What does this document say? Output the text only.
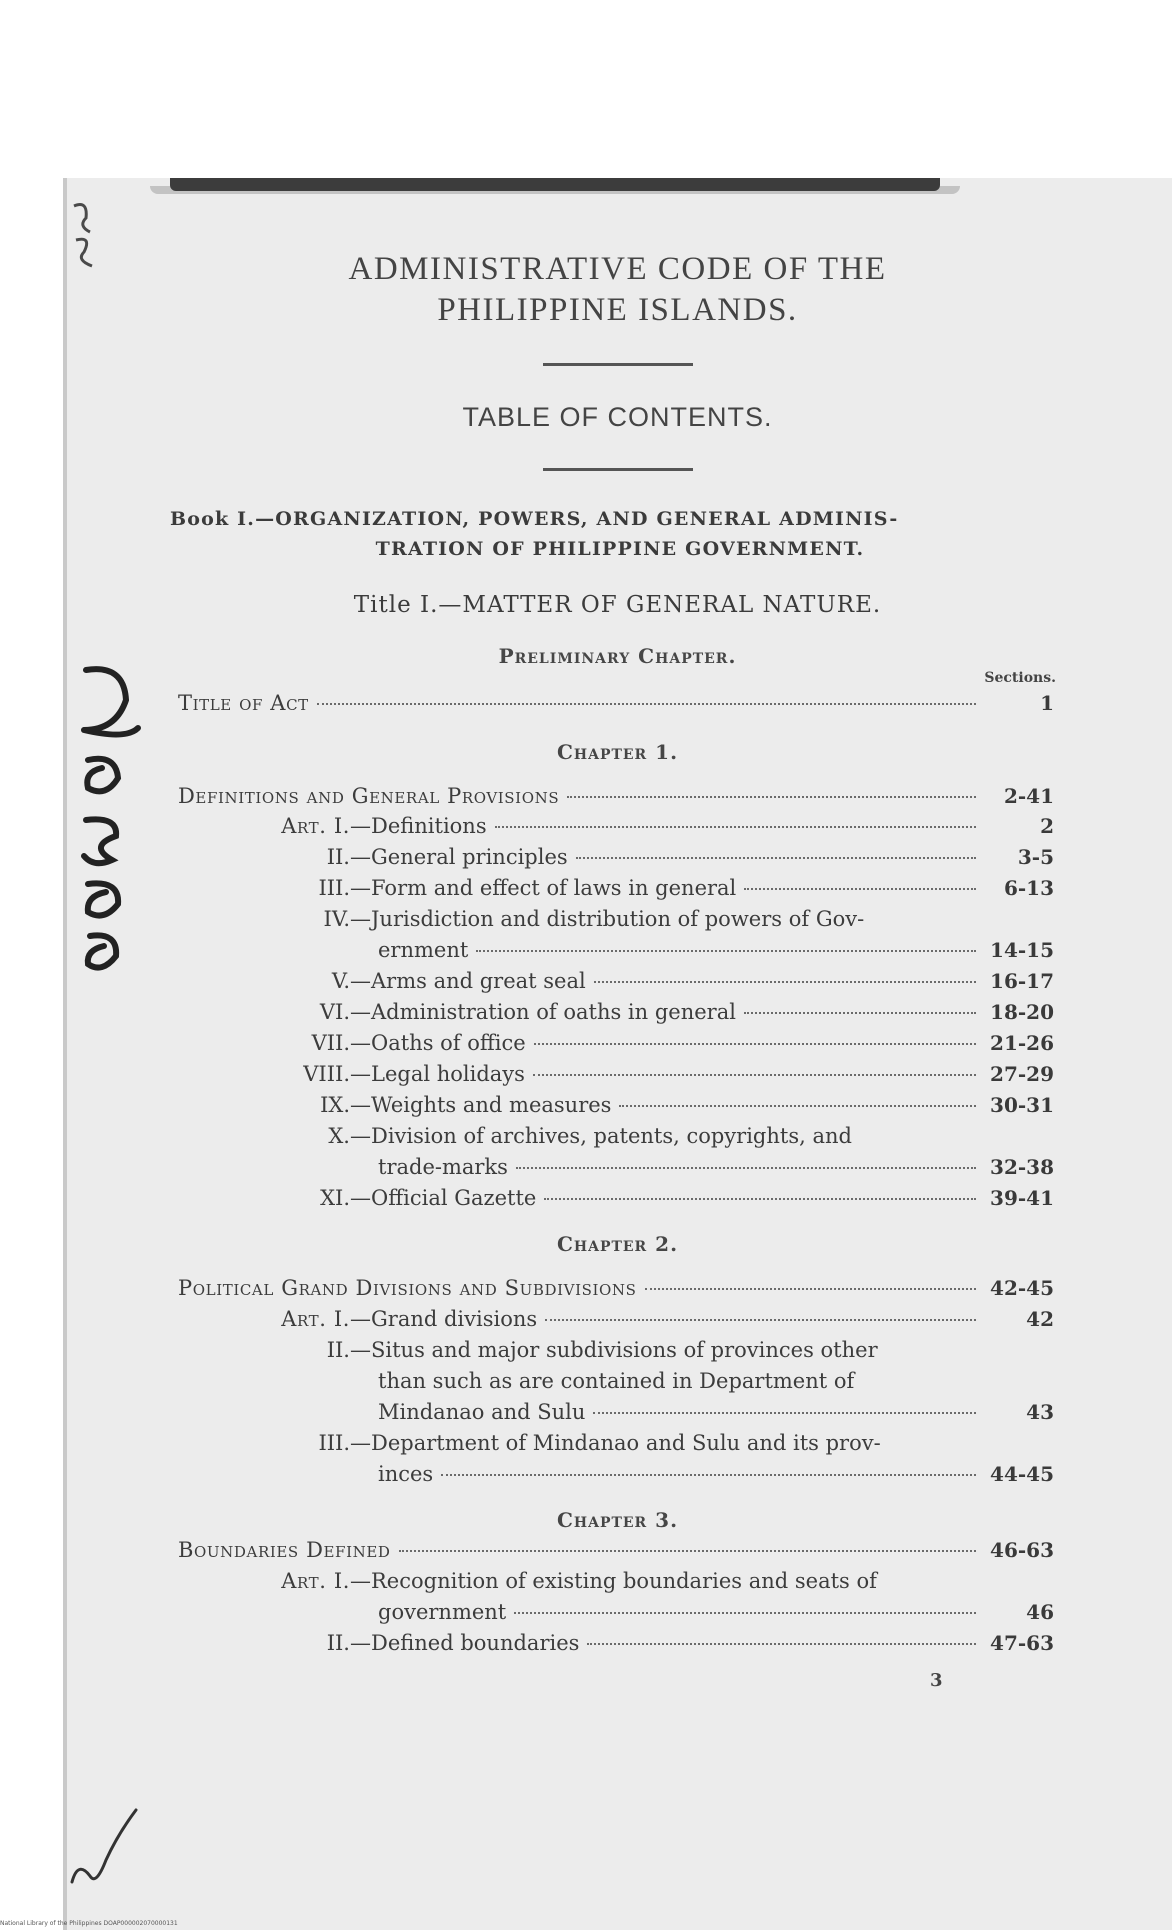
ADMINISTRATIVE CODE OF THE
PHILIPPINE ISLANDS.
TABLE OF CONTENTS.
Book I.—ORGANIZATION, POWERS, AND GENERAL ADMINIS-
TRATION OF PHILIPPINE GOVERNMENT.
Title I.—MATTER OF GENERAL NATURE.
Preliminary Chapter.
Sections.
Title of Act	1
Chapter 1.
Definitions and General Provisions	2-41
Art. I. —Definitions	2
II. —General principles	3-5
III. —Form and effect of laws in general	6-13
IV. —Jurisdiction and distribution of powers of Gov-
ernment	14-15
V. —Arms and great seal	16-17
VI. —Administration of oaths in general	18-20
VII. —Oaths of office	21-26
VIII. —Legal holidays	27-29
IX. —Weights and measures	30-31
X. —Division of archives, patents, copyrights, and
trade-marks	32-38
XI. —Official Gazette	39-41
Chapter 2.
Political Grand Divisions and Subdivisions	42-45
Art. I. —Grand divisions	42
II. —Situs and major subdivisions of provinces other
than such as are contained in Department of
Mindanao and Sulu	43
III. —Department of Mindanao and Sulu and its prov-
inces	44-45
Chapter 3.
Boundaries Defined	46-63
Art. I. —Recognition of existing boundaries and seats of
government	46
II. —Defined boundaries	47-63
3
National Library of the Philippines DOAP000002070000131
